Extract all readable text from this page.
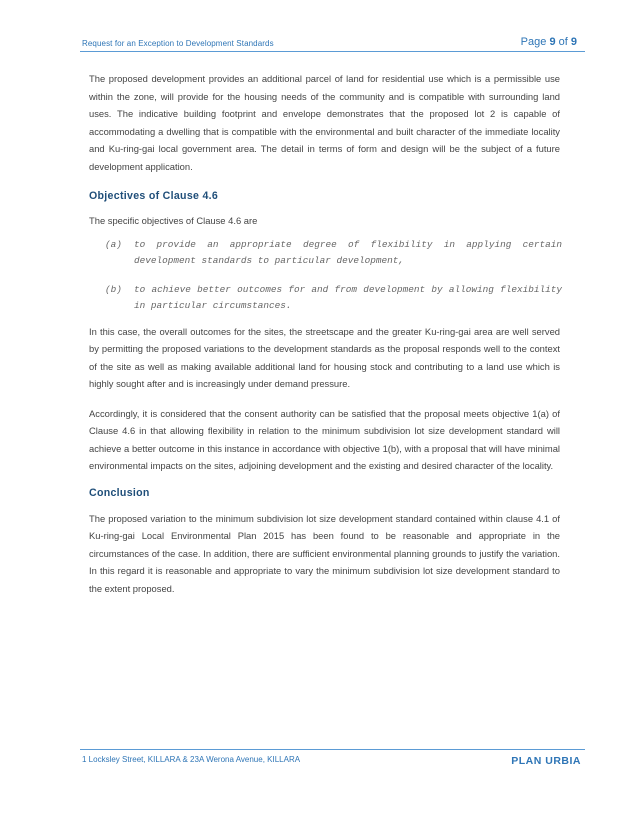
Request for an Exception to Development Standards	Page 9 of 9

The proposed development provides an additional parcel of land for residential use which is a permissible use within the zone, will provide for the housing needs of the community and is compatible with surrounding land uses. The indicative building footprint and envelope demonstrates that the proposed lot 2 is capable of accommodating a dwelling that is compatible with the environmental and built character of the immediate locality and Ku-ring-gai local government area. The detail in terms of form and design will be the subject of a future development application.

Objectives of Clause 4.6

The specific objectives of Clause 4.6 are

(a) to provide an appropriate degree of flexibility in applying certain development standards to particular development,
(b) to achieve better outcomes for and from development by allowing flexibility in particular circumstances.

In this case, the overall outcomes for the sites, the streetscape and the greater Ku-ring-gai area are well served by permitting the proposed variations to the development standards as the proposal responds well to the context of the site as well as making available additional land for housing stock and contributing to a land use which is highly sought after and is increasingly under demand pressure.

Accordingly, it is considered that the consent authority can be satisfied that the proposal meets objective 1(a) of Clause 4.6 in that allowing flexibility in relation to the minimum subdivision lot size development standard will achieve a better outcome in this instance in accordance with objective 1(b), with a proposal that will have minimal environmental impacts on the sites, adjoining development and the existing and desired character of the locality.

Conclusion

The proposed variation to the minimum subdivision lot size development standard contained within clause 4.1 of Ku-ring-gai Local Environmental Plan 2015 has been found to be reasonable and appropriate in the circumstances of the case. In addition, there are sufficient environmental planning grounds to justify the variation. In this regard it is reasonable and appropriate to vary the minimum subdivision lot size development standard to the extent proposed.

1 Locksley Street, KILLARA & 23A Werona Avenue, KILLARA	PLAN URBIA
